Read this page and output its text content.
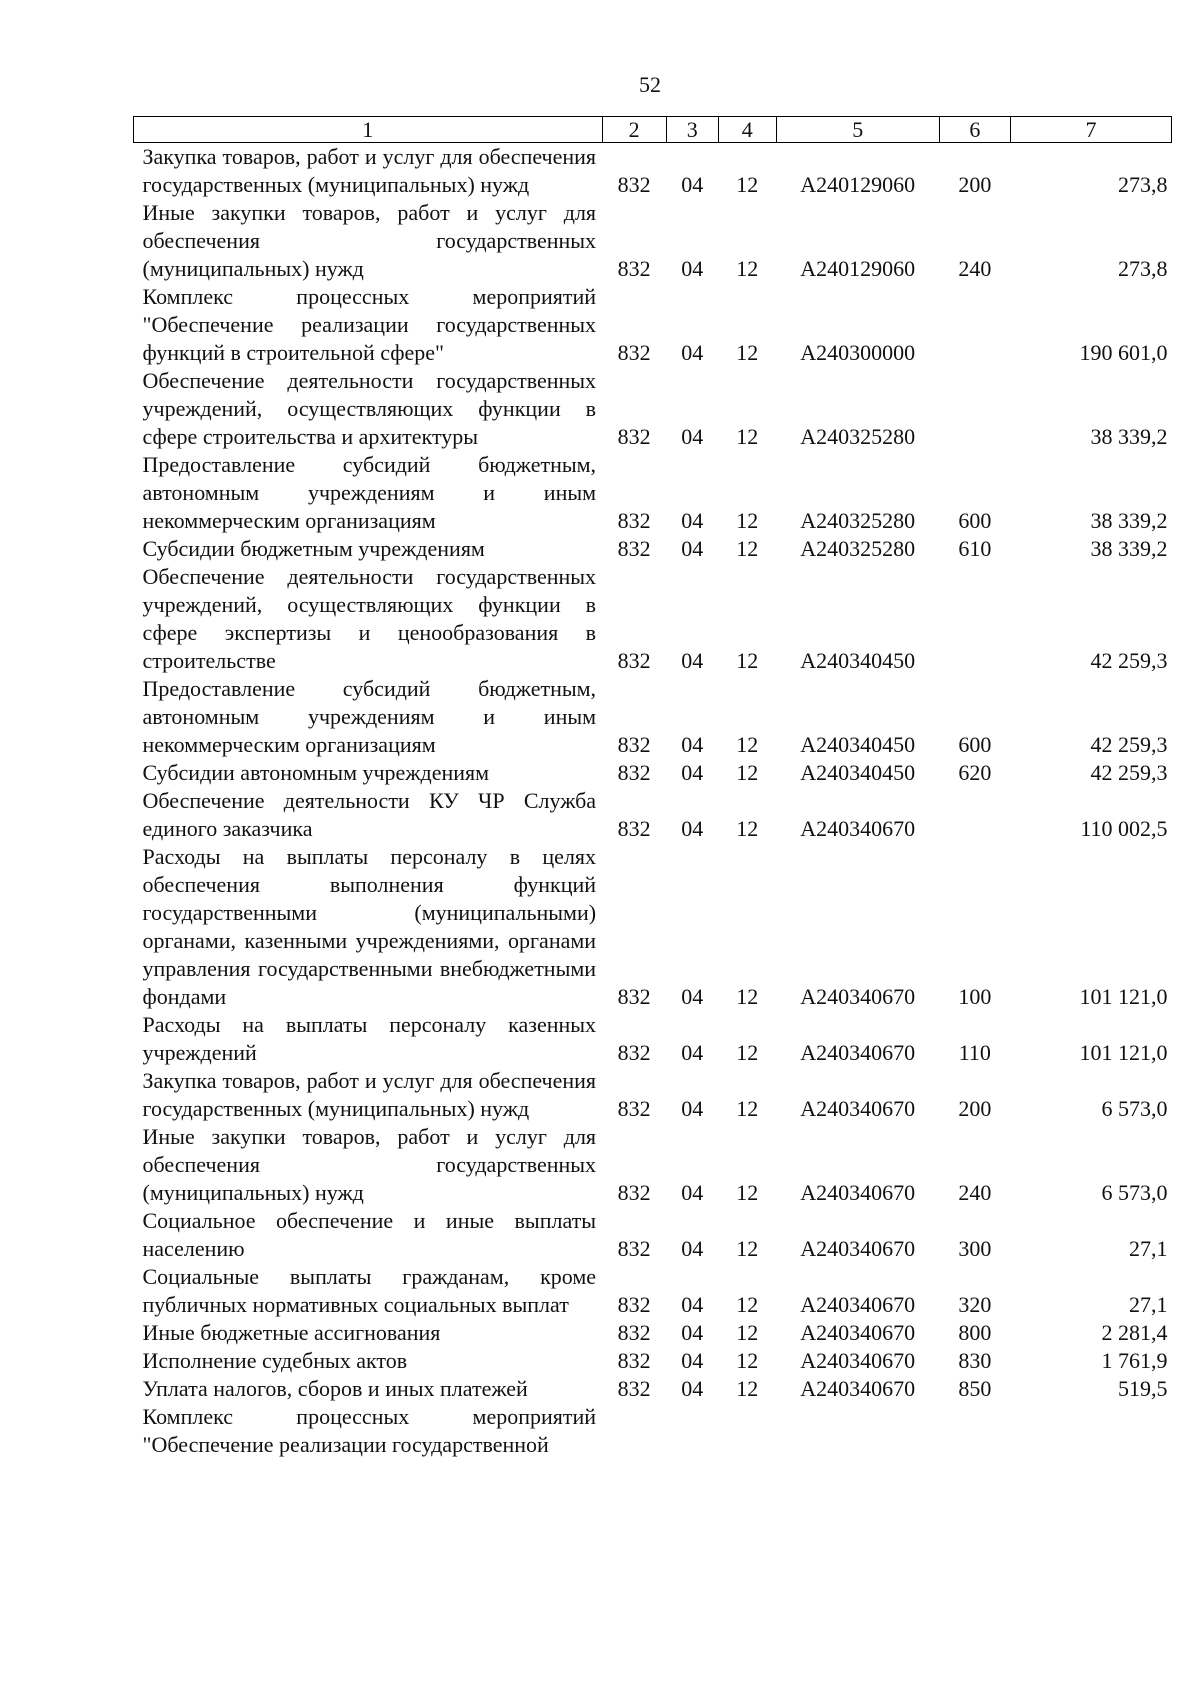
52
1	2	3	4	5	6	7
Закупка товаров, работ и услуг для обеспечения государственных (муниципальных) нужд	832	04	12	А240129060	200	273,8
Иные закупки товаров, работ и услуг для обеспечения государственных (муниципальных) нужд	832	04	12	А240129060	240	273,8
Комплекс процессных мероприятий "Обеспечение реализации государственных функций в строительной сфере"	832	04	12	А240300000		190 601,0
Обеспечение деятельности государственных учреждений, осуществляющих функции в сфере строительства и архитектуры	832	04	12	А240325280		38 339,2
Предоставление субсидий бюджетным, автономным учреждениям и иным некоммерческим организациям	832	04	12	А240325280	600	38 339,2
Субсидии бюджетным учреждениям	832	04	12	А240325280	610	38 339,2
Обеспечение деятельности государственных учреждений, осуществляющих функции в сфере экспертизы и ценообразования в строительстве	832	04	12	А240340450		42 259,3
Предоставление субсидий бюджетным, автономным учреждениям и иным некоммерческим организациям	832	04	12	А240340450	600	42 259,3
Субсидии автономным учреждениям	832	04	12	А240340450	620	42 259,3
Обеспечение деятельности КУ ЧР Служба единого заказчика	832	04	12	А240340670		110 002,5
Расходы на выплаты персоналу в целях обеспечения выполнения функций государственными (муниципальными) органами, казенными учреждениями, органами управления государственными внебюджетными фондами	832	04	12	А240340670	100	101 121,0
Расходы на выплаты персоналу казенных учреждений	832	04	12	А240340670	110	101 121,0
Закупка товаров, работ и услуг для обеспечения государственных (муниципальных) нужд	832	04	12	А240340670	200	6 573,0
Иные закупки товаров, работ и услуг для обеспечения государственных (муниципальных) нужд	832	04	12	А240340670	240	6 573,0
Социальное обеспечение и иные выплаты населению	832	04	12	А240340670	300	27,1
Социальные выплаты гражданам, кроме публичных нормативных социальных выплат	832	04	12	А240340670	320	27,1
Иные бюджетные ассигнования	832	04	12	А240340670	800	2 281,4
Исполнение судебных актов	832	04	12	А240340670	830	1 761,9
Уплата налогов, сборов и иных платежей	832	04	12	А240340670	850	519,5
Комплекс процессных мероприятий "Обеспечение реализации государственной						
